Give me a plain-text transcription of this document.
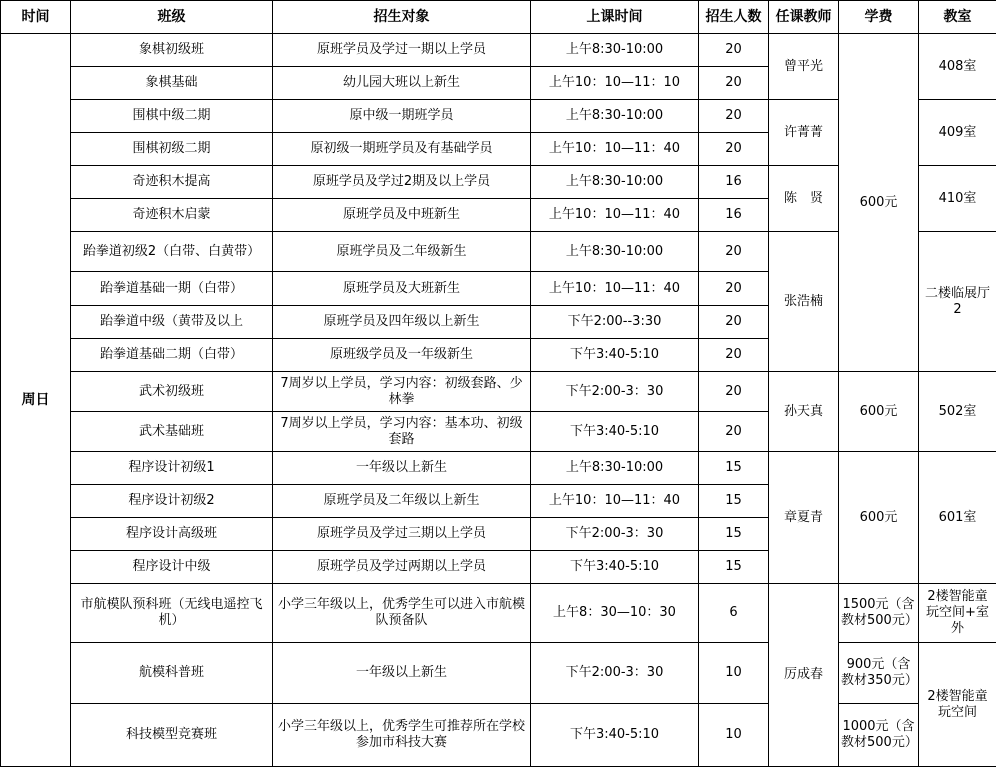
时间	班级	招生对象	上课时间	招生人数	任课教师	学费	教室
周日	象棋初级班	原班学员及学过一期以上学员	上午8:30-10:00	20	曾平光	600元	408室
	象棋基础	幼儿园大班以上新生	上午10：10—11：10	20			
	围棋中级二期	原中级一期班学员	上午8:30-10:00	20	许菁菁		409室
	围棋初级二期	原初级一期班学员及有基础学员	上午10：10—11：40	20			
	奇迹积木提高	原班学员及学过2期及以上学员	上午8:30-10:00	16	陈　贤		410室
	奇迹积木启蒙	原班学员及中班新生	上午10：10—11：40	16			
	跆拳道初级2（白带、白黄带）	原班学员及二年级新生	上午8:30-10:00	20	张浩楠		二楼临展厅2
	跆拳道基础一期（白带）	原班学员及大班新生	上午10：10—11：40	20			
	跆拳道中级（黄带及以上	原班学员及四年级以上新生	下午2:00--3:30	20			
	跆拳道基础二期（白带）	原班级学员及一年级新生	下午3:40-5:10	20			
	武术初级班	7周岁以上学员，学习内容：初级套路、少林拳	下午2:00-3：30	20	孙天真	600元	502室
	武术基础班	7周岁以上学员，学习内容：基本功、初级套路	下午3:40-5:10	20			
	程序设计初级1	一年级以上新生	上午8:30-10:00	15	章夏青	600元	601室
	程序设计初级2	原班学员及二年级以上新生	上午10：10—11：40	15			
	程序设计高级班	原班学员及学过三期以上学员	下午2:00-3：30	15			
	程序设计中级	原班学员及学过两期以上学员	下午3:40-5:10	15			
	市航模队预科班（无线电遥控飞机）	小学三年级以上，优秀学生可以进入市航模队预备队	上午8：30—10：30	6	厉成春	1500元（含教材500元）	2楼智能童玩空间+室外
	航模科普班	一年级以上新生	下午2:00-3：30	10		900元（含教材350元）	2楼智能童玩空间
	科技模型竞赛班	小学三年级以上，优秀学生可推荐所在学校参加市科技大赛	下午3:40-5:10	10		1000元（含教材500元）	
